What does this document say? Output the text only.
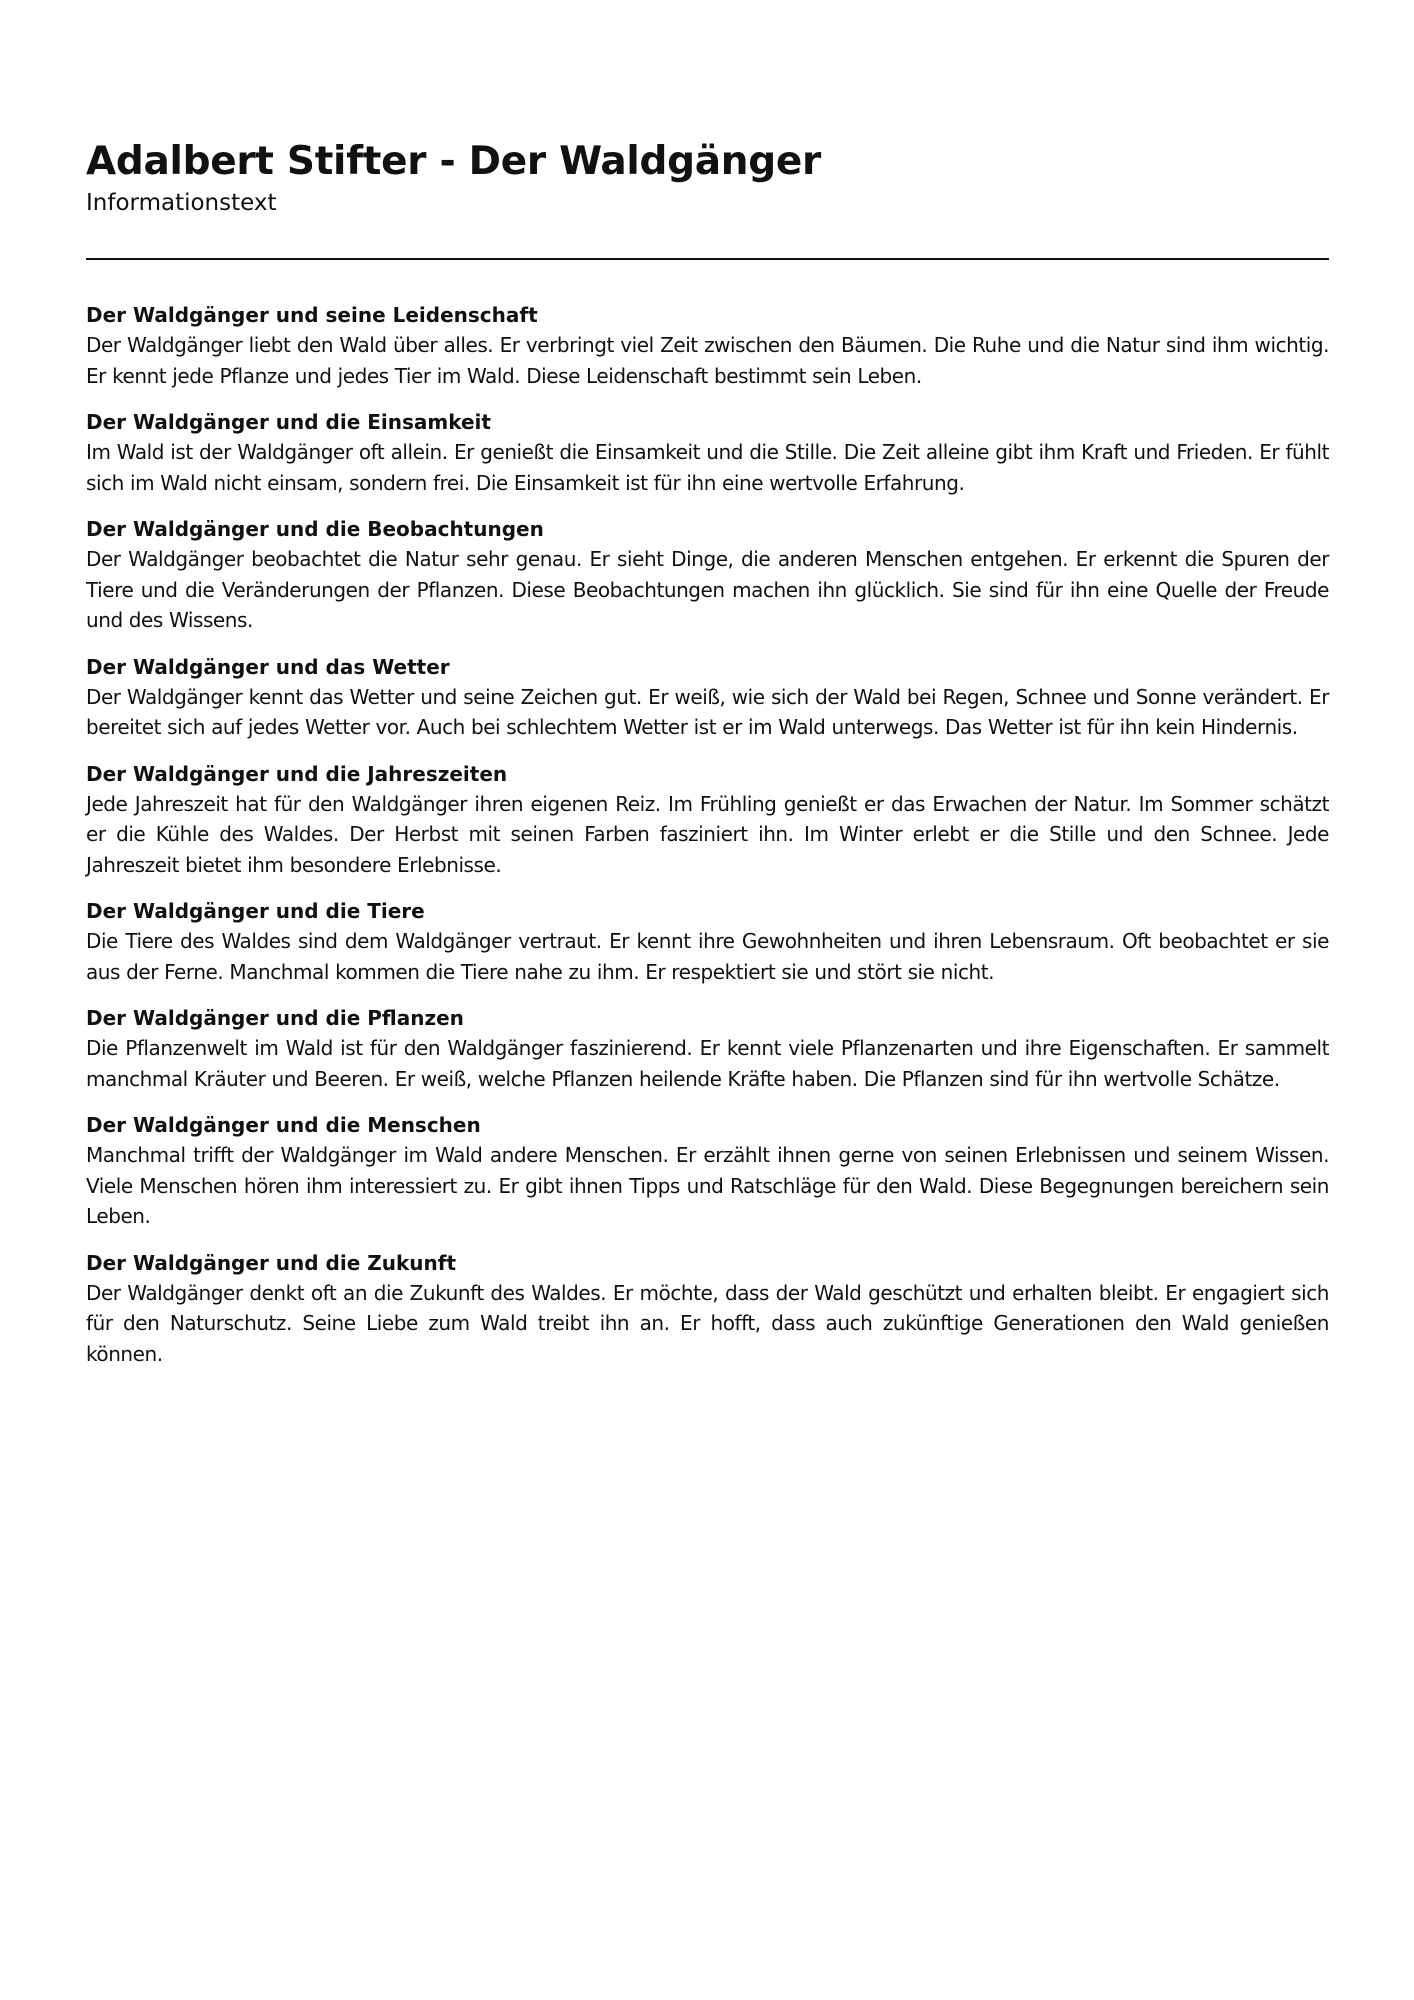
Adalbert Stifter - Der Waldgänger

Informationstext

Der Waldgänger und seine Leidenschaft

Der Waldgänger liebt den Wald über alles. Er verbringt viel Zeit zwischen den Bäumen. Die Ruhe und die Natur sind ihm wichtig. Er kennt jede Pflanze und jedes Tier im Wald. Diese Leidenschaft bestimmt sein Leben.

Der Waldgänger und die Einsamkeit

Im Wald ist der Waldgänger oft allein. Er genießt die Einsamkeit und die Stille. Die Zeit alleine gibt ihm Kraft und Frieden. Er fühlt sich im Wald nicht einsam, sondern frei. Die Einsamkeit ist für ihn eine wertvolle Erfahrung.

Der Waldgänger und die Beobachtungen

Der Waldgänger beobachtet die Natur sehr genau. Er sieht Dinge, die anderen Menschen entgehen. Er erkennt die Spuren der Tiere und die Veränderungen der Pflanzen. Diese Beobachtungen machen ihn glücklich. Sie sind für ihn eine Quelle der Freude und des Wissens.

Der Waldgänger und das Wetter

Der Waldgänger kennt das Wetter und seine Zeichen gut. Er weiß, wie sich der Wald bei Regen, Schnee und Sonne verändert. Er bereitet sich auf jedes Wetter vor. Auch bei schlechtem Wetter ist er im Wald unterwegs. Das Wetter ist für ihn kein Hindernis.

Der Waldgänger und die Jahreszeiten

Jede Jahreszeit hat für den Waldgänger ihren eigenen Reiz. Im Frühling genießt er das Erwachen der Natur. Im Sommer schätzt er die Kühle des Waldes. Der Herbst mit seinen Farben fasziniert ihn. Im Winter erlebt er die Stille und den Schnee. Jede Jahreszeit bietet ihm besondere Erlebnisse.

Der Waldgänger und die Tiere

Die Tiere des Waldes sind dem Waldgänger vertraut. Er kennt ihre Gewohnheiten und ihren Lebensraum. Oft beobachtet er sie aus der Ferne. Manchmal kommen die Tiere nahe zu ihm. Er respektiert sie und stört sie nicht.

Der Waldgänger und die Pflanzen

Die Pflanzenwelt im Wald ist für den Waldgänger faszinierend. Er kennt viele Pflanzenarten und ihre Eigenschaften. Er sammelt manchmal Kräuter und Beeren. Er weiß, welche Pflanzen heilende Kräfte haben. Die Pflanzen sind für ihn wertvolle Schätze.

Der Waldgänger und die Menschen

Manchmal trifft der Waldgänger im Wald andere Menschen. Er erzählt ihnen gerne von seinen Erlebnissen und seinem Wissen. Viele Menschen hören ihm interessiert zu. Er gibt ihnen Tipps und Ratschläge für den Wald. Diese Begegnungen bereichern sein Leben.

Der Waldgänger und die Zukunft

Der Waldgänger denkt oft an die Zukunft des Waldes. Er möchte, dass der Wald geschützt und erhalten bleibt. Er engagiert sich für den Naturschutz. Seine Liebe zum Wald treibt ihn an. Er hofft, dass auch zukünftige Generationen den Wald genießen können.
